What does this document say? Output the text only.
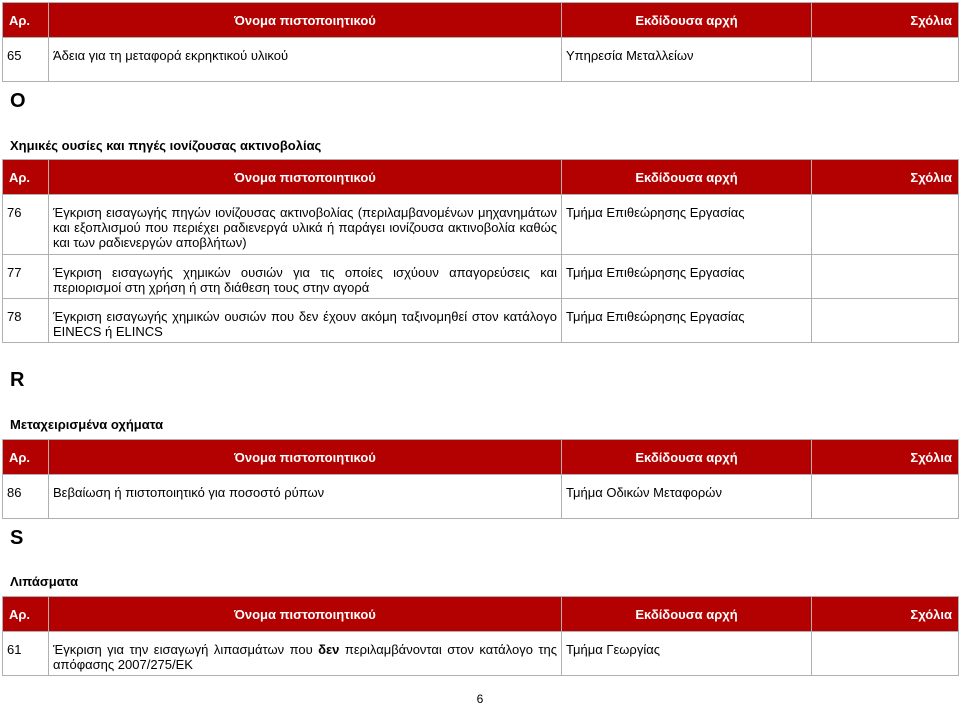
Αρ.	Όνομα πιστοποιητικού	Εκδίδουσα αρχή	Σχόλια
65	Άδεια για τη μεταφορά εκρηκτικού υλικού	Υπηρεσία Μεταλλείων	
O
Χημικές ουσίες και πηγές ιονίζουσας ακτινοβολίας
Αρ.	Όνομα πιστοποιητικού	Εκδίδουσα αρχή	Σχόλια
76	Έγκριση εισαγωγής πηγών ιονίζουσας ακτινοβολίας (περιλαμβανομένων μηχανημάτων και εξοπλισμού που περιέχει ραδιενεργά υλικά ή παράγει ιονίζουσα ακτινοβολία καθώς και των ραδιενεργών αποβλήτων)	Τμήμα Επιθεώρησης Εργασίας	
77	Έγκριση εισαγωγής χημικών ουσιών για τις οποίες ισχύουν απαγορεύσεις και περιορισμοί στη χρήση ή στη διάθεση τους στην αγορά	Τμήμα Επιθεώρησης Εργασίας	
78	Έγκριση εισαγωγής χημικών ουσιών που δεν έχουν ακόμη ταξινομηθεί στον κατάλογο EINECS ή ELINCS	Τμήμα Επιθεώρησης Εργασίας	
R
Μεταχειρισμένα οχήματα
Αρ.	Όνομα πιστοποιητικού	Εκδίδουσα αρχή	Σχόλια
86	Βεβαίωση ή πιστοποιητικό για ποσοστό ρύπων	Τμήμα Οδικών Μεταφορών	
S
Λιπάσματα
Αρ.	Όνομα πιστοποιητικού	Εκδίδουσα αρχή	Σχόλια
61	Έγκριση για την εισαγωγή λιπασμάτων που δεν περιλαμβάνονται στον κατάλογο της απόφασης 2007/275/ΕΚ	Τμήμα Γεωργίας	
6
